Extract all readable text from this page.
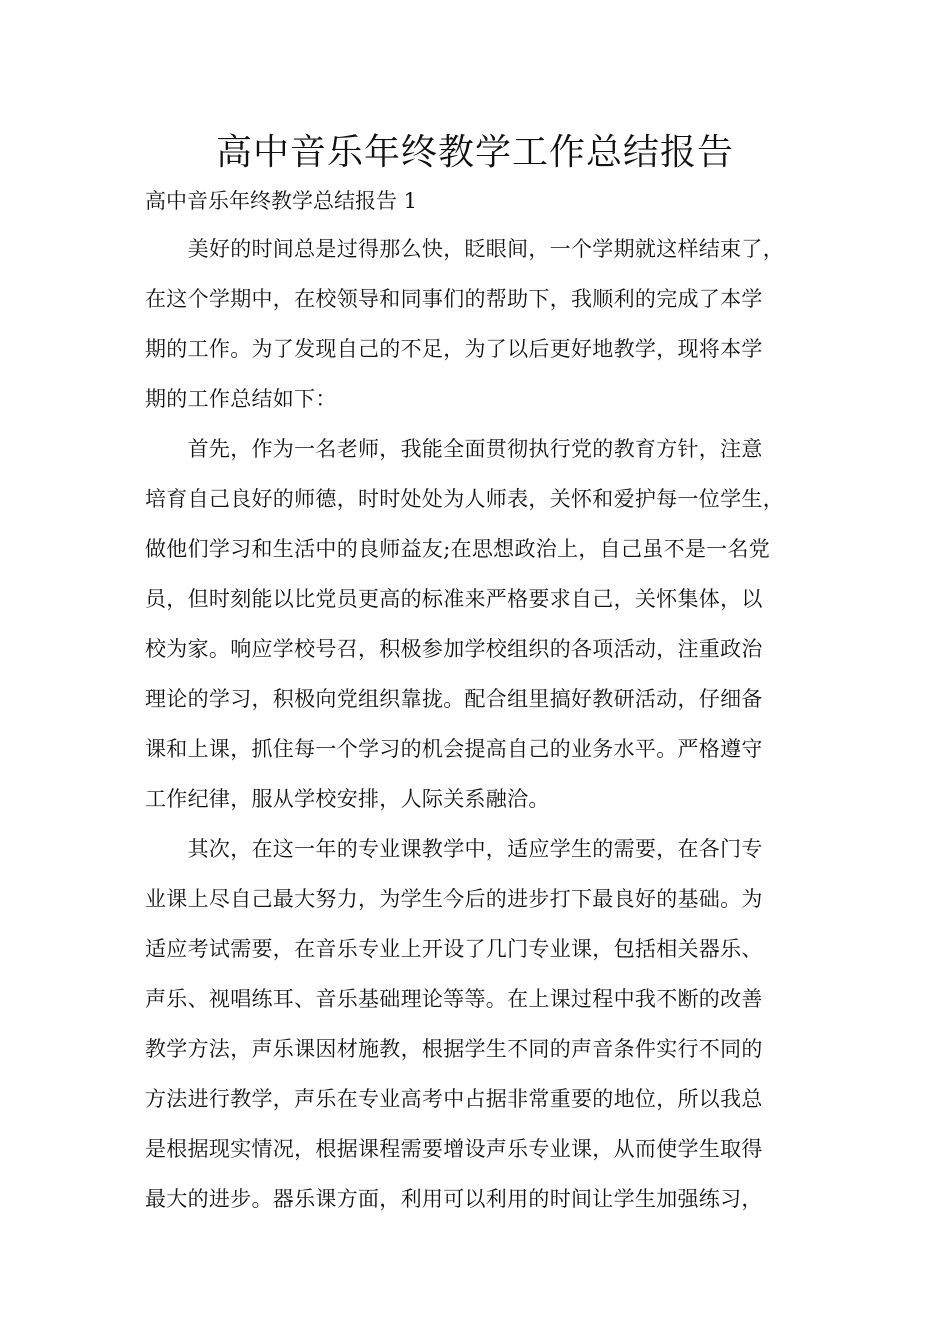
高中音乐年终教学工作总结报告

高中音乐年终教学总结报告 1

　　美好的时间总是过得那么快，眨眼间，一个学期就这样结束了，

在这个学期中，在校领导和同事们的帮助下，我顺利的完成了本学

期的工作。为了发现自己的不足，为了以后更好地教学，现将本学

期的工作总结如下：

　　首先，作为一名老师，我能全面贯彻执行党的教育方针，注意

培育自己良好的师德，时时处处为人师表，关怀和爱护每一位学生，

做他们学习和生活中的良师益友;在思想政治上，自己虽不是一名党

员，但时刻能以比党员更高的标准来严格要求自己，关怀集体，以

校为家。响应学校号召，积极参加学校组织的各项活动，注重政治

理论的学习，积极向党组织靠拢。配合组里搞好教研活动，仔细备

课和上课，抓住每一个学习的机会提高自己的业务水平。严格遵守

工作纪律，服从学校安排，人际关系融洽。

　　其次，在这一年的专业课教学中，适应学生的需要，在各门专

业课上尽自己最大努力，为学生今后的进步打下最良好的基础。为

适应考试需要，在音乐专业上开设了几门专业课，包括相关器乐、

声乐、视唱练耳、音乐基础理论等等。在上课过程中我不断的改善

教学方法，声乐课因材施教，根据学生不同的声音条件实行不同的

方法进行教学，声乐在专业高考中占据非常重要的地位，所以我总

是根据现实情况，根据课程需要增设声乐专业课，从而使学生取得

最大的进步。器乐课方面，利用可以利用的时间让学生加强练习，
